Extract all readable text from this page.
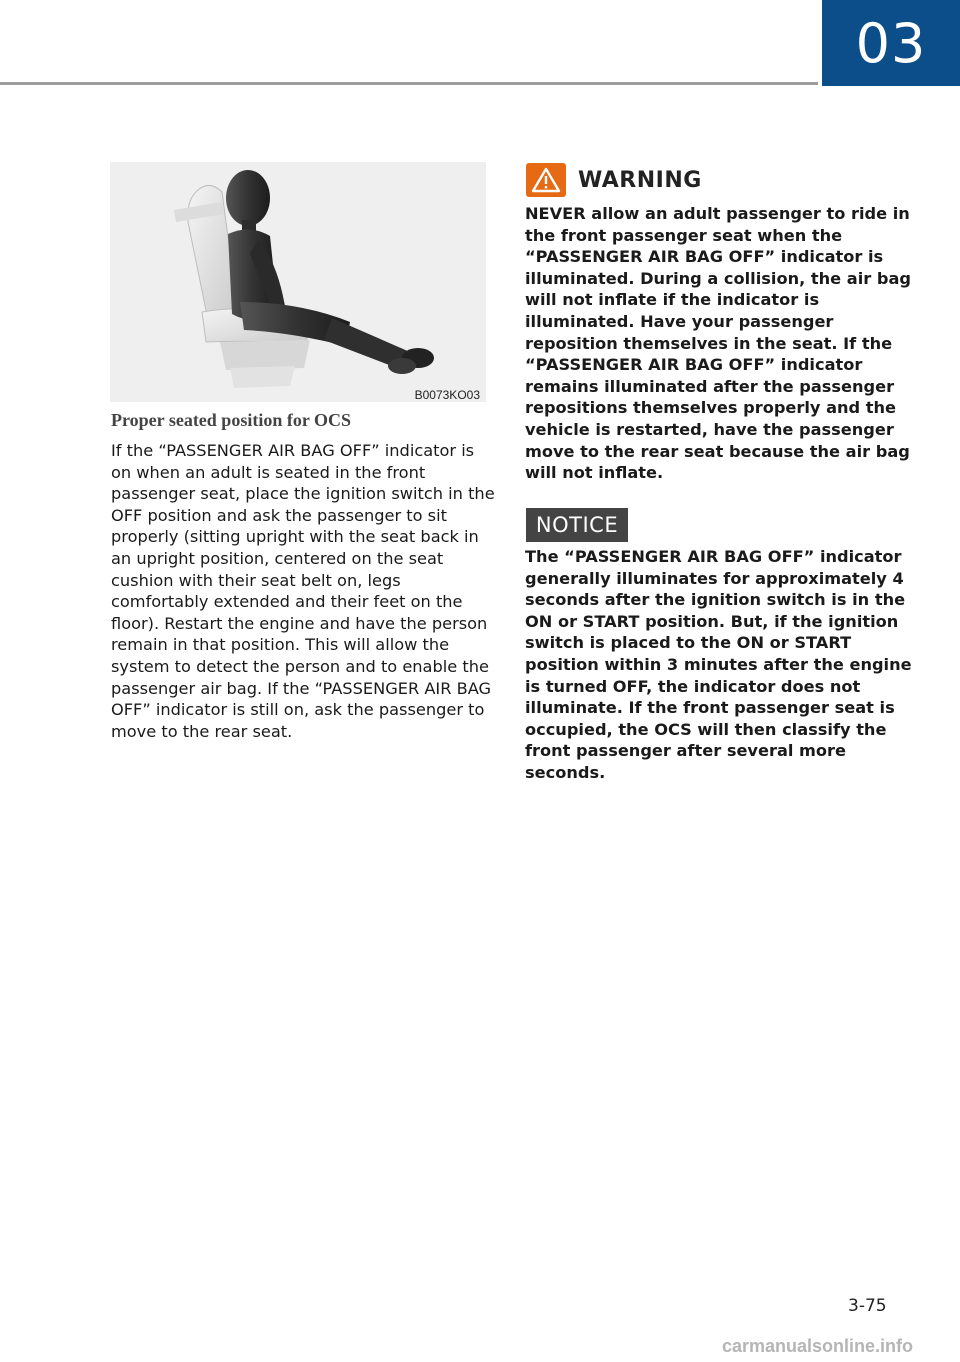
03
B0073KO03
Proper seated position for OCS

If the “PASSENGER AIR BAG OFF” indicator is on when an adult is seated in the front passenger seat, place the ignition switch in the OFF position and ask the passenger to sit properly (sitting upright with the seat back in an upright position, centered on the seat cushion with their seat belt on, legs comfortably extended and their feet on the floor). Restart the engine and have the person remain in that position. This will allow the system to detect the person and to enable the passenger air bag. If the “PASSENGER AIR BAG OFF” indicator is still on, ask the passenger to move to the rear seat.

WARNING

NEVER allow an adult passenger to ride in the front passenger seat when the “PASSENGER AIR BAG OFF” indicator is illuminated. During a collision, the air bag will not inflate if the indicator is illuminated. Have your passenger reposition themselves in the seat. If the “PASSENGER AIR BAG OFF” indicator remains illuminated after the passenger repositions themselves properly and the vehicle is restarted, have the passenger move to the rear seat because the air bag will not inflate.

NOTICE

The “PASSENGER AIR BAG OFF” indicator generally illuminates for approximately 4 seconds after the ignition switch is in the ON or START position. But, if the ignition switch is placed to the ON or START position within 3 minutes after the engine is turned OFF, the indicator does not illuminate. If the front passenger seat is occupied, the OCS will then classify the front passenger after several more seconds.

3-75
carmanualsonline.info
